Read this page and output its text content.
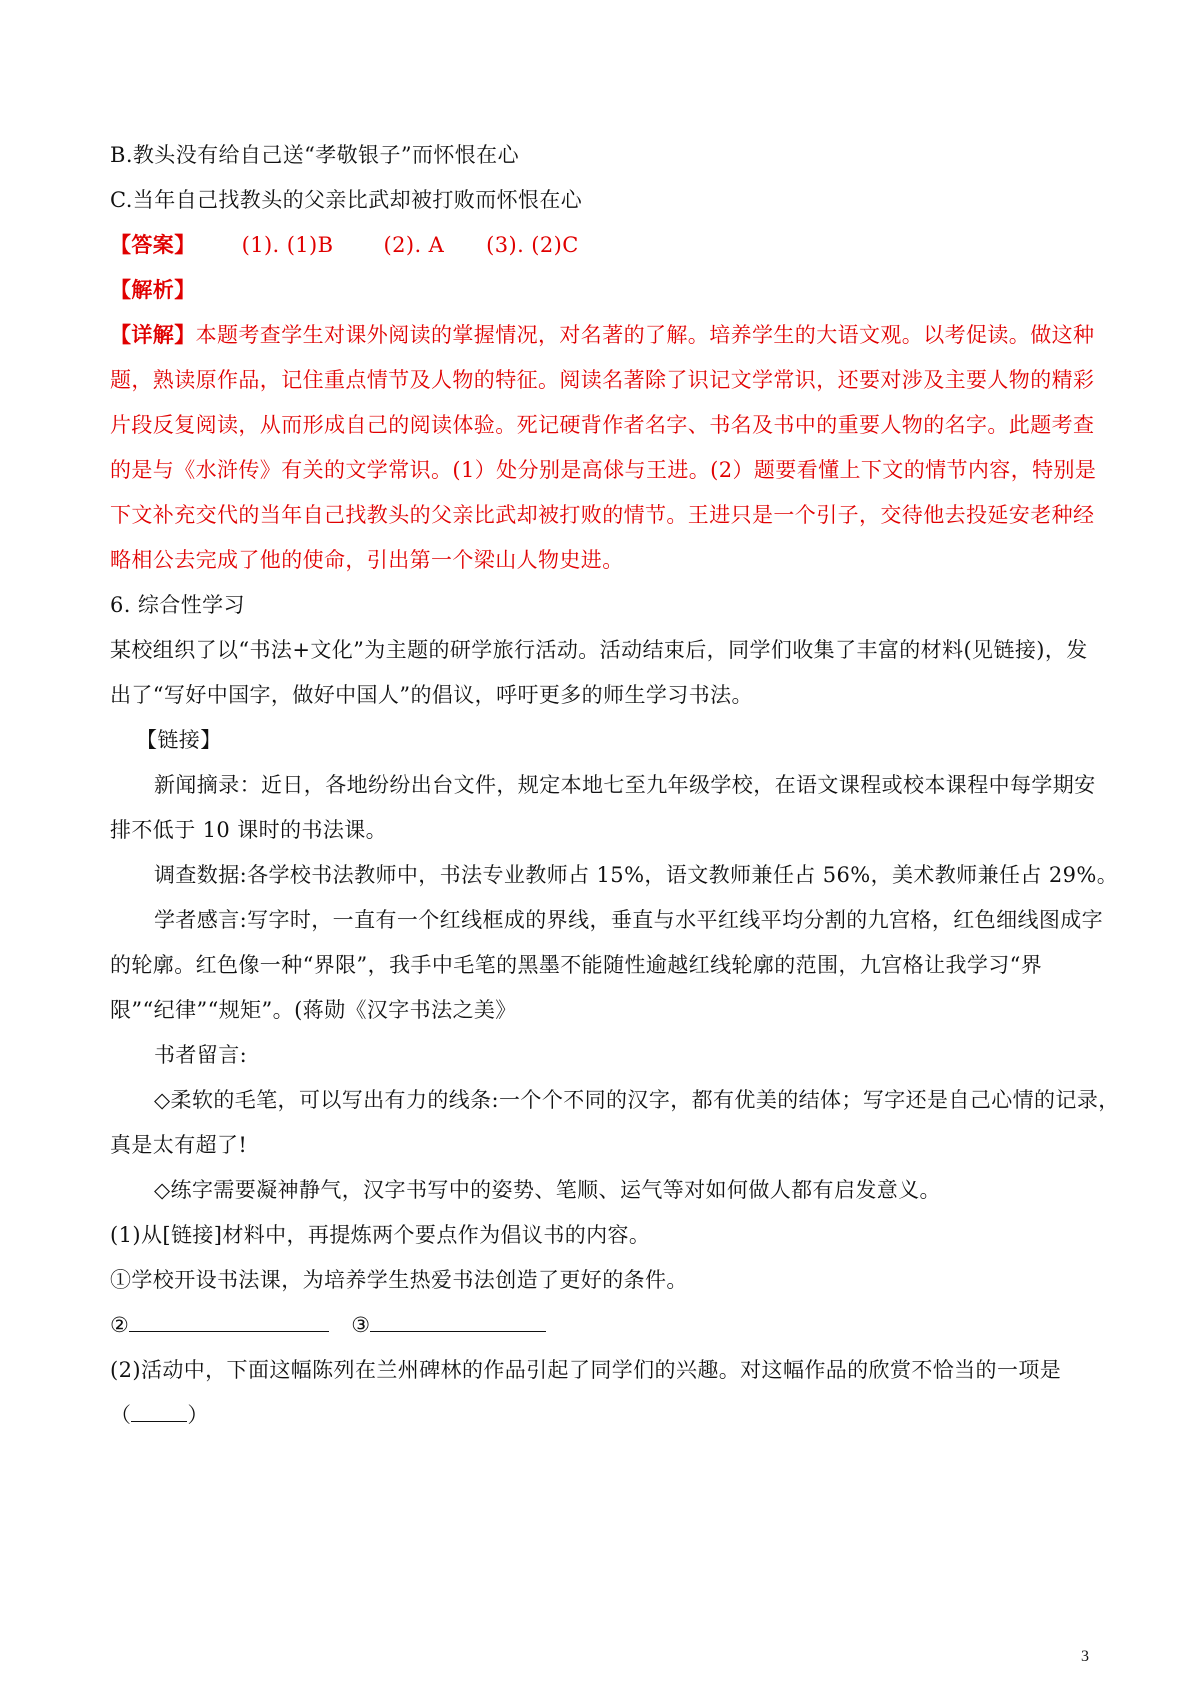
B.教头没有给自己送“孝敬银子”而怀恨在心
C.当年自己找教头的父亲比武却被打败而怀恨在心
【答案】 (1). (1)B (2). A (3). (2)C
【解析】
【详解】本题考查学生对课外阅读的掌握情况，对名著的了解。培养学生的大语文观。以考促读。做这种
题，熟读原作品，记住重点情节及人物的特征。阅读名著除了识记文学常识，还要对涉及主要人物的精彩
片段反复阅读，从而形成自己的阅读体验。死记硬背作者名字、书名及书中的重要人物的名字。此题考查
的是与《水浒传》有关的文学常识。(1）处分别是高俅与王进。(2）题要看懂上下文的情节内容，特别是
下文补充交代的当年自己找教头的父亲比武却被打败的情节。王进只是一个引子，交待他去投延安老种经
略相公去完成了他的使命，引出第一个梁山人物史进。
6. 综合性学习
某校组织了以“书法+文化”为主题的研学旅行活动。活动结束后，同学们收集了丰富的材料(见链接)，发
出了“写好中国字，做好中国人”的倡议，呼吁更多的师生学习书法。
【链接】
新闻摘录：近日，各地纷纷出台文件，规定本地七至九年级学校，在语文课程或校本课程中每学期安
排不低于 10 课时的书法课。
调查数据:各学校书法教师中，书法专业教师占 15%，语文教师兼任占 56%，美术教师兼任占 29%。
学者感言:写字时，一直有一个红线框成的界线，垂直与水平红线平均分割的九宫格，红色细线图成字
的轮廓。红色像一种“界限”，我手中毛笔的黑墨不能随性逾越红线轮廓的范围，九宫格让我学习“界
限”“纪律”“规矩”。(蒋勋《汉字书法之美》
书者留言:
◇柔软的毛笔，可以写出有力的线条:一个个不同的汉字，都有优美的结体；写字还是自己心情的记录，
真是太有超了!
◇练字需要凝神静气，汉字书写中的姿势、笔顺、运气等对如何做人都有启发意义。
(1)从[链接]材料中，再提炼两个要点作为倡议书的内容。
①学校开设书法课，为培养学生热爱书法创造了更好的条件。
②	③
(2)活动中，下面这幅陈列在兰州碑林的作品引起了同学们的兴趣。对这幅作品的欣赏不恰当的一项是
（	）
3
